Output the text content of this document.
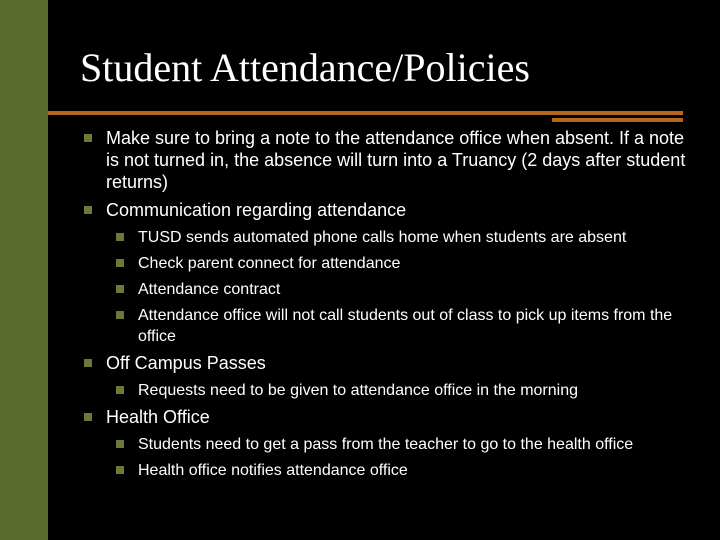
Student Attendance/Policies
Make sure to bring a note to the attendance office when absent. If a note is not turned in, the absence will turn into a Truancy (2 days after student returns)
Communication regarding attendance
TUSD sends automated phone calls home when students are absent
Check parent connect for attendance
Attendance contract
Attendance office will not call students out of class to pick up items from the office
Off Campus Passes
Requests need to be given to attendance office in the morning
Health Office
Students need to get a pass from the teacher to go to the health office
Health office notifies attendance office
